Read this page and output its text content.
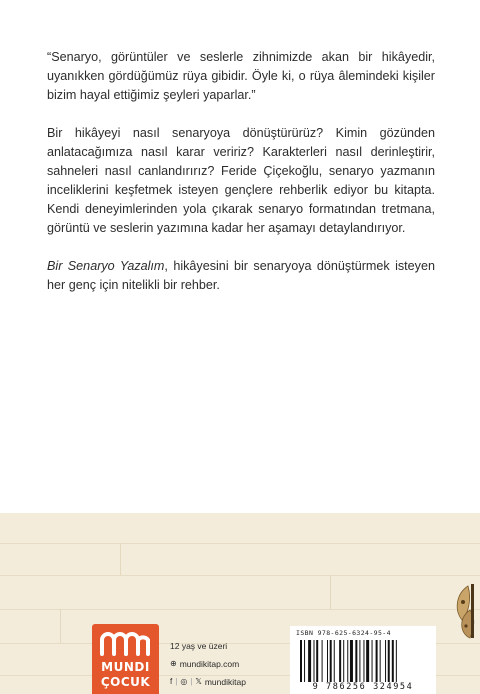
“Senaryo, görüntüler ve seslerle zihnimizde akan bir hikâyedir, uyanıkken gördüğümüz rüya gibidir. Öyle ki, o rüya âlemindeki kişiler bizim hayal ettiğimiz şeyleri yaparlar.”

Bir hikâyeyi nasıl senaryoya dönüştürürüz? Kimin gözünden anlatacağımıza nasıl karar veririz? Karakterleri nasıl derinleştirir, sahneleri nasıl canlandırırız? Feride Çiçekoğlu, senaryo yazmanın inceliklerini keşfetmek isteyen gençlere rehberlik ediyor bu kitapta. Kendi deneyimlerinden yola çıkarak senaryo formatından tretmana, görüntü ve seslerin yazımına kadar her aşamayı detaylandırıyor.

Bir Senaryo Yazalım, hikâyesini bir senaryoya dönüştürmek isteyen her genç için nitelikli bir rehber.

MUNDI
ÇOCUK
12 yaş ve üzeri
⊕ mundikitap.com
f | ◎ | 𝕏 mundikitap
ISBN 978-625-6324-95-4
9 786256 324954
